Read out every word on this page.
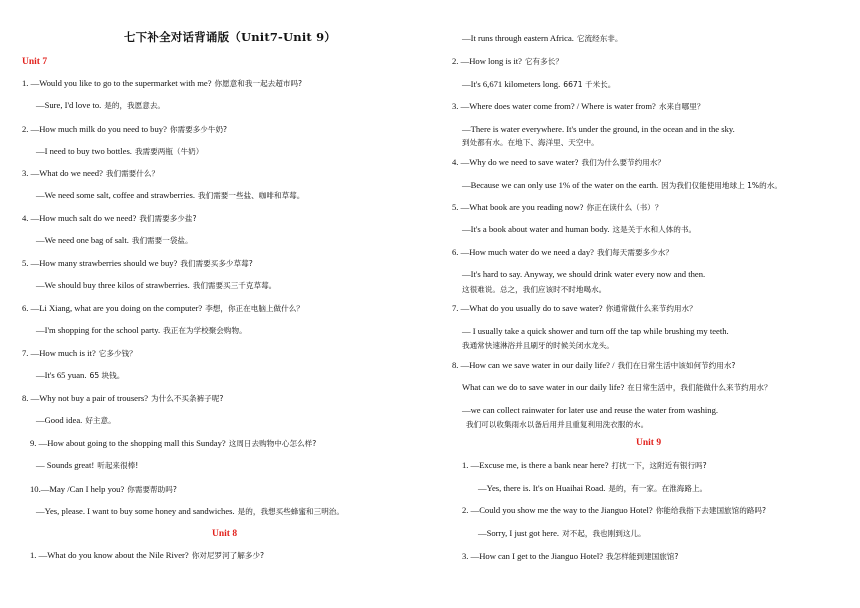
七下补全对话背诵版（Unit7-Unit 9）
Unit 7
1. —Would you like to go to the supermarket with me? 你愿意和我一起去超市吗?
—Sure, I'd love to. 是的，我愿意去。
2. —How much milk do you need to buy? 你需要多少牛奶?
—I need to buy two bottles. 我需要两瓶（牛奶）
3. —What do we need? 我们需要什么？
—We need some salt, coffee and strawberries. 我们需要一些盐、咖啡和草莓。
4. —How much salt do we need? 我们需要多少盐?
—We need one bag of salt. 我们需要一袋盐。
5. —How many strawberries should we buy? 我们需要买多少草莓?
—We should buy three kilos of strawberries. 我们需要买三千克草莓。
6. —Li Xiang, what are you doing on the computer? 李想，你正在电脑上做什么？
—I'm shopping for the school party. 我正在为学校聚会购物。
7. —How much is it? 它多少钱？
—It's 65 yuan. 65 块钱。
8. —Why not buy a pair of trousers? 为什么不买条裤子呢?
—Good idea. 好主意。
9. —How about going to the shopping mall this Sunday? 这周日去购物中心怎么样?
— Sounds great! 听起来很棒!
10.—May /Can I help you? 你需要帮助吗?
—Yes, please. I want to buy some honey and sandwiches. 是的，我想买些蜂蜜和三明治。
Unit 8
1. —What do you know about the Nile River? 你对尼罗河了解多少?
—It runs through eastern Africa. 它流经东非。
2. —How long is it? 它有多长？
—It's 6,671 kilometers long. 6671 千米长。
3. —Where does water come from? / Where is water from? 水来自哪里？
—There is water everywhere. It's under the ground, in the ocean and in the sky.
到处都有水。在地下、海洋里、天空中。
4. —Why do we need to save water? 我们为什么要节约用水？
—Because we can only use 1% of the water on the earth. 因为我们仅能使用地球上 1%的水。
5. —What book are you reading now? 你正在读什么（书）？
—It's a book about water and human body. 这是关于水和人体的书。
6. —How much water do we need a day? 我们每天需要多少水？
—It's hard to say. Anyway, we should drink water every now and then.
这很难说。总之，我们应该时不时地喝水。
7. —What do you usually do to save water? 你通常做什么来节约用水？
— I usually take a quick shower and turn off the tap while brushing my teeth.
我通常快速淋浴并且刷牙的时候关闭水龙头。
8. —How can we save water in our daily life? / 我们在日常生活中该如何节约用水?
What can we do to save water in our daily life? 在日常生活中，我们能做什么来节约用水？
—we can collect rainwater for later use and reuse the water from washing.
我们可以收集雨水以备后用并且重复利用洗衣服的水。
Unit 9
1. —Excuse me, is there a bank near here? 打扰一下，这附近有银行吗?
—Yes, there is. It's on Huaihai Road. 是的，有一家。在淮海路上。
2. —Could you show me the way to the Jianguo Hotel? 你能给我指下去建国旅馆的路吗?
—Sorry, I just got here. 对不起，我也刚到这儿。
3. —How can I get to the Jianguo Hotel? 我怎样能到建国旅馆?
